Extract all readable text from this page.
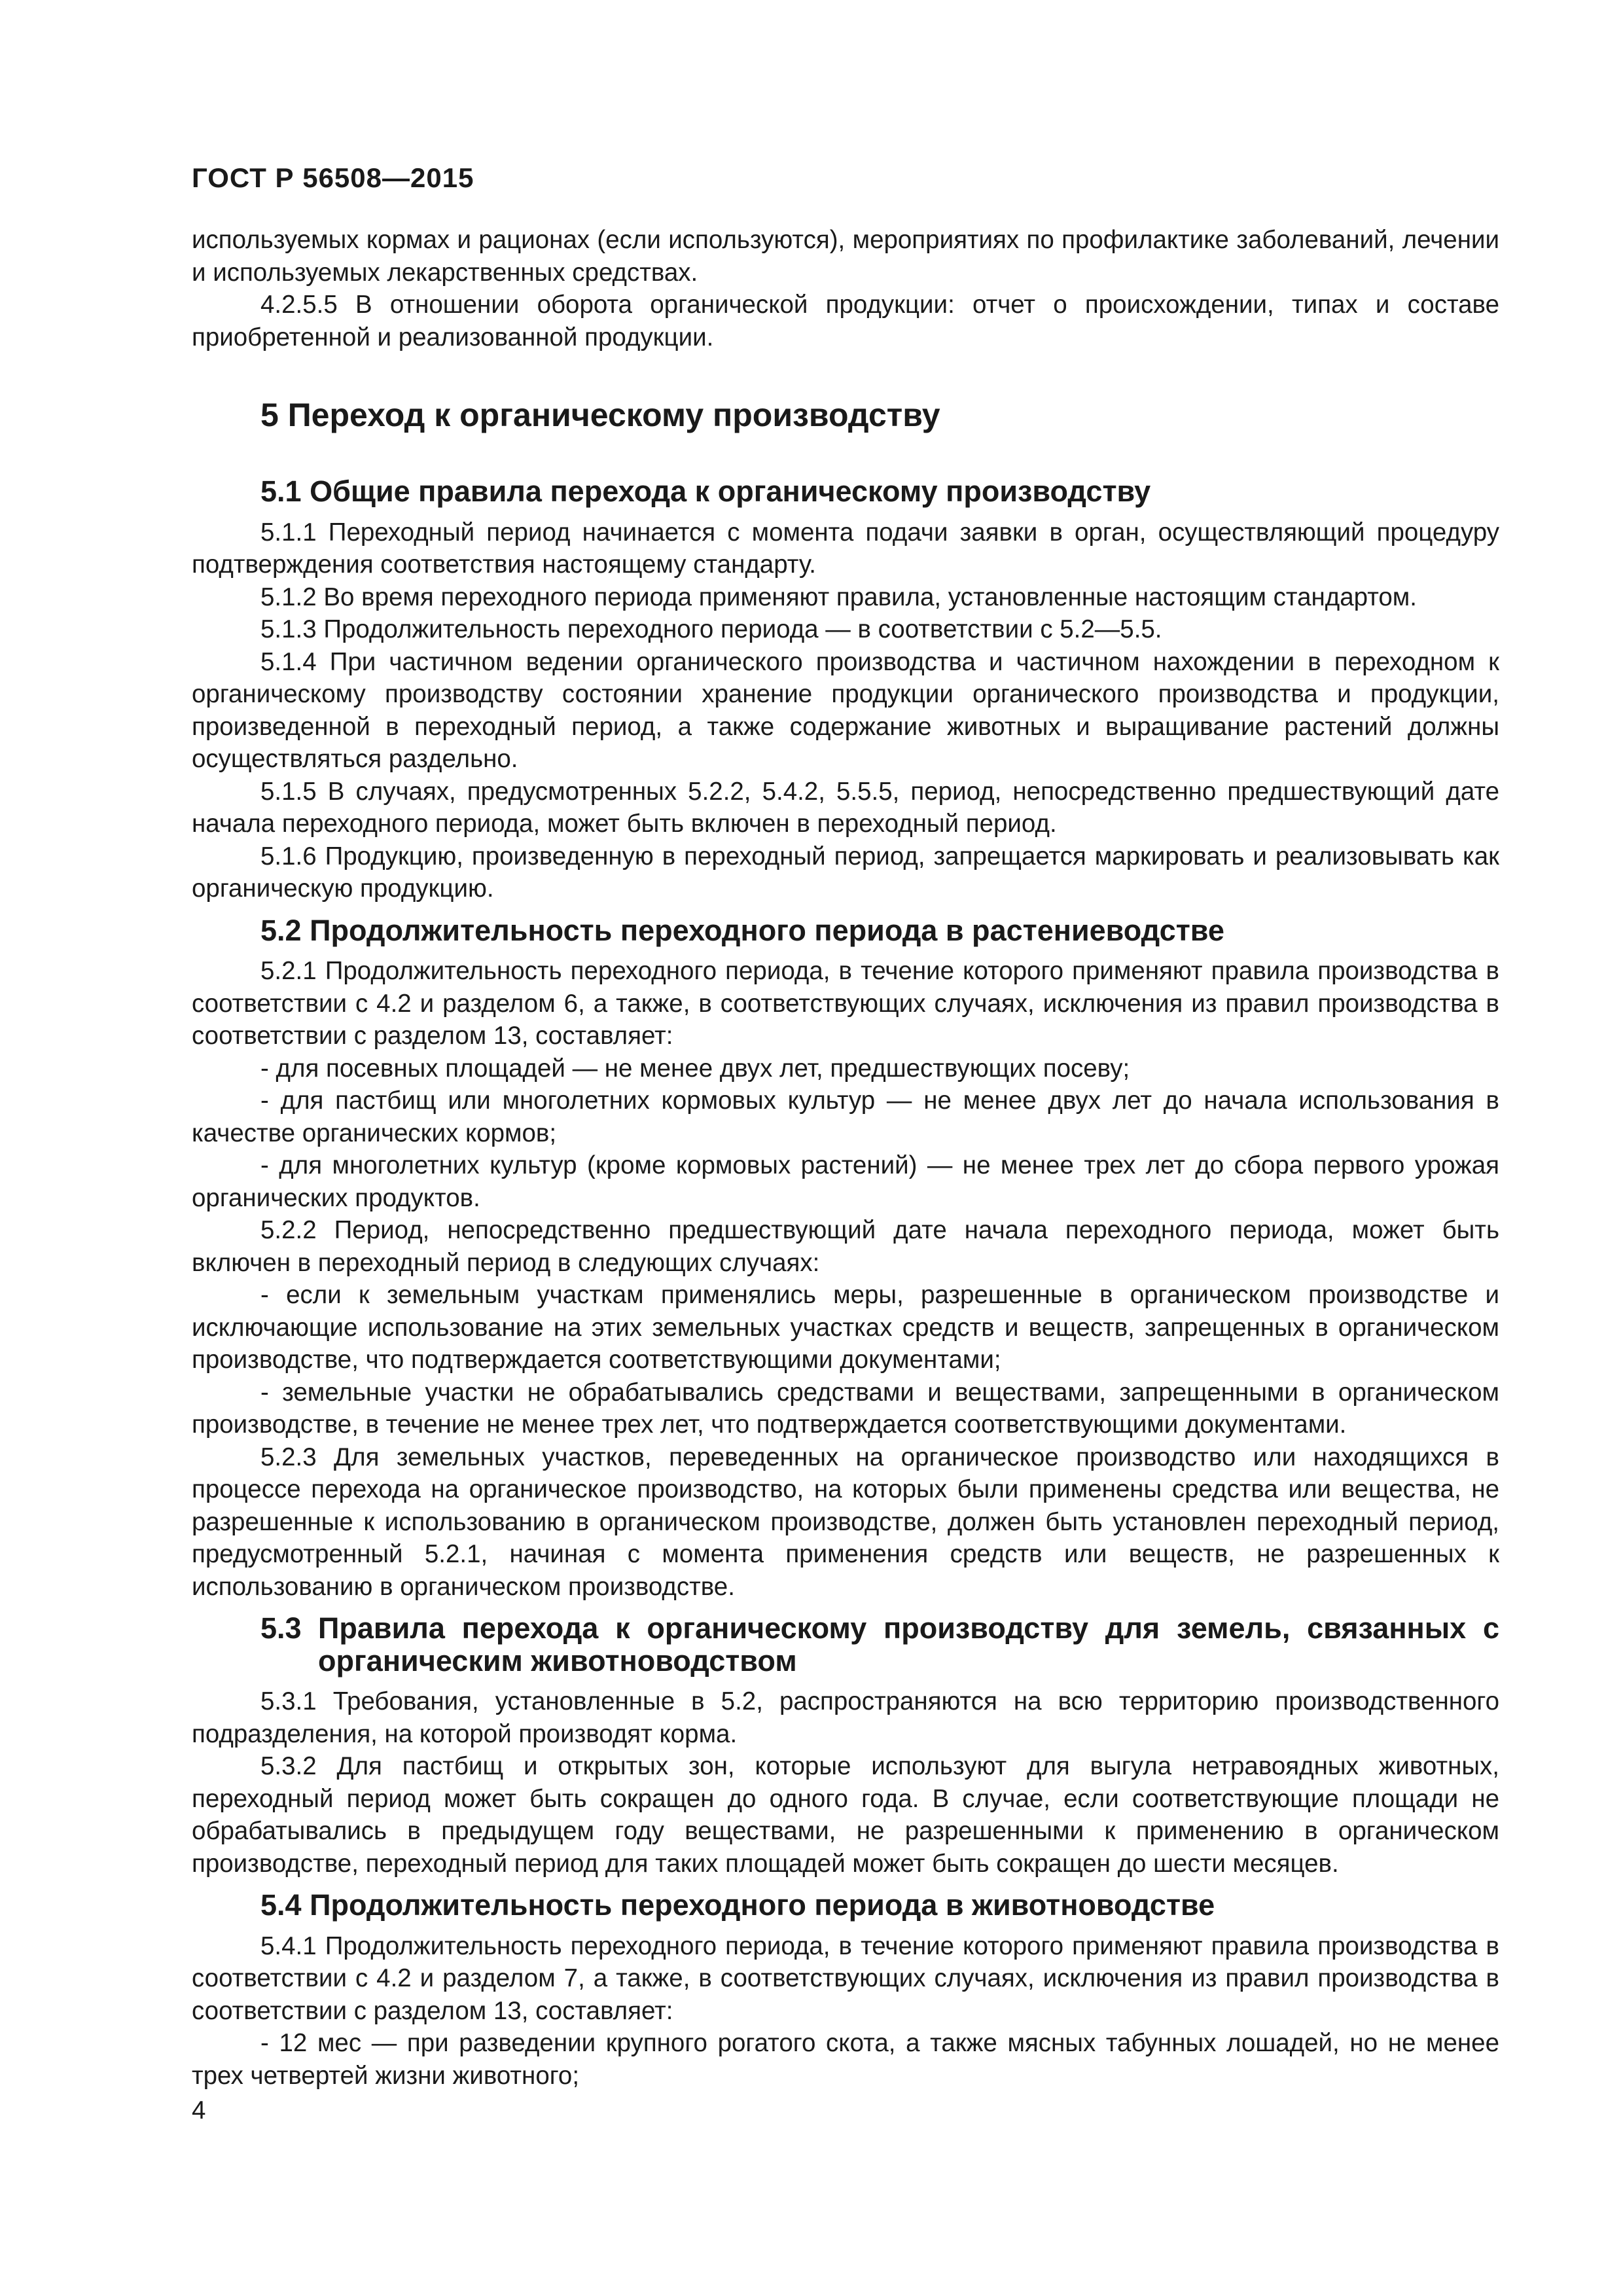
ГОСТ Р 56508—2015

используемых кормах и рационах (если используются), мероприятиях по профилактике заболеваний, лечении и используемых лекарственных средствах.

4.2.5.5 В отношении оборота органической продукции: отчет о происхождении, типах и составе приобретенной и реализованной продукции.

5 Переход к органическому производству
5.1 Общие правила перехода к органическому производству

5.1.1 Переходный период начинается с момента подачи заявки в орган, осуществляющий процедуру подтверждения соответствия настоящему стандарту.

5.1.2 Во время переходного периода применяют правила, установленные настоящим стандартом.

5.1.3 Продолжительность переходного периода — в соответствии с 5.2—5.5.

5.1.4 При частичном ведении органического производства и частичном нахождении в переходном к органическому производству состоянии хранение продукции органического производства и продукции, произведенной в переходный период, а также содержание животных и выращивание растений должны осуществляться раздельно.

5.1.5 В случаях, предусмотренных 5.2.2, 5.4.2, 5.5.5, период, непосредственно предшествующий дате начала переходного периода, может быть включен в переходный период.

5.1.6 Продукцию, произведенную в переходный период, запрещается маркировать и реализовывать как органическую продукцию.

5.2 Продолжительность переходного периода в растениеводстве

5.2.1 Продолжительность переходного периода, в течение которого применяют правила производства в соответствии с 4.2 и разделом 6, а также, в соответствующих случаях, исключения из правил производства в соответствии с разделом 13, составляет:

- для посевных площадей — не менее двух лет, предшествующих посеву;

- для пастбищ или многолетних кормовых культур — не менее двух лет до начала использования в качестве органических кормов;

- для многолетних культур (кроме кормовых растений) — не менее трех лет до сбора первого урожая органических продуктов.

5.2.2 Период, непосредственно предшествующий дате начала переходного периода, может быть включен в переходный период в следующих случаях:

- если к земельным участкам применялись меры, разрешенные в органическом производстве и исключающие использование на этих земельных участках средств и веществ, запрещенных в органическом производстве, что подтверждается соответствующими документами;

- земельные участки не обрабатывались средствами и веществами, запрещенными в органическом производстве, в течение не менее трех лет, что подтверждается соответствующими документами.

5.2.3 Для земельных участков, переведенных на органическое производство или находящихся в процессе перехода на органическое производство, на которых были применены средства или вещества, не разрешенные к использованию в органическом производстве, должен быть установлен переходный период, предусмотренный 5.2.1, начиная с момента применения средств или веществ, не разрешенных к использованию в органическом производстве.

5.3 Правила перехода к органическому производству для земель, связанных с органическим животноводством

5.3.1 Требования, установленные в 5.2, распространяются на всю территорию производственного подразделения, на которой производят корма.

5.3.2 Для пастбищ и открытых зон, которые используют для выгула нетравоядных животных, переходный период может быть сокращен до одного года. В случае, если соответствующие площади не обрабатывались в предыдущем году веществами, не разрешенными к применению в органическом производстве, переходный период для таких площадей может быть сокращен до шести месяцев.

5.4 Продолжительность переходного периода в животноводстве

5.4.1 Продолжительность переходного периода, в течение которого применяют правила производства в соответствии с 4.2 и разделом 7, а также, в соответствующих случаях, исключения из правил производства в соответствии с разделом 13, составляет:

- 12 мес — при разведении крупного рогатого скота, а также мясных табунных лошадей, но не менее трех четвертей жизни животного;

4
